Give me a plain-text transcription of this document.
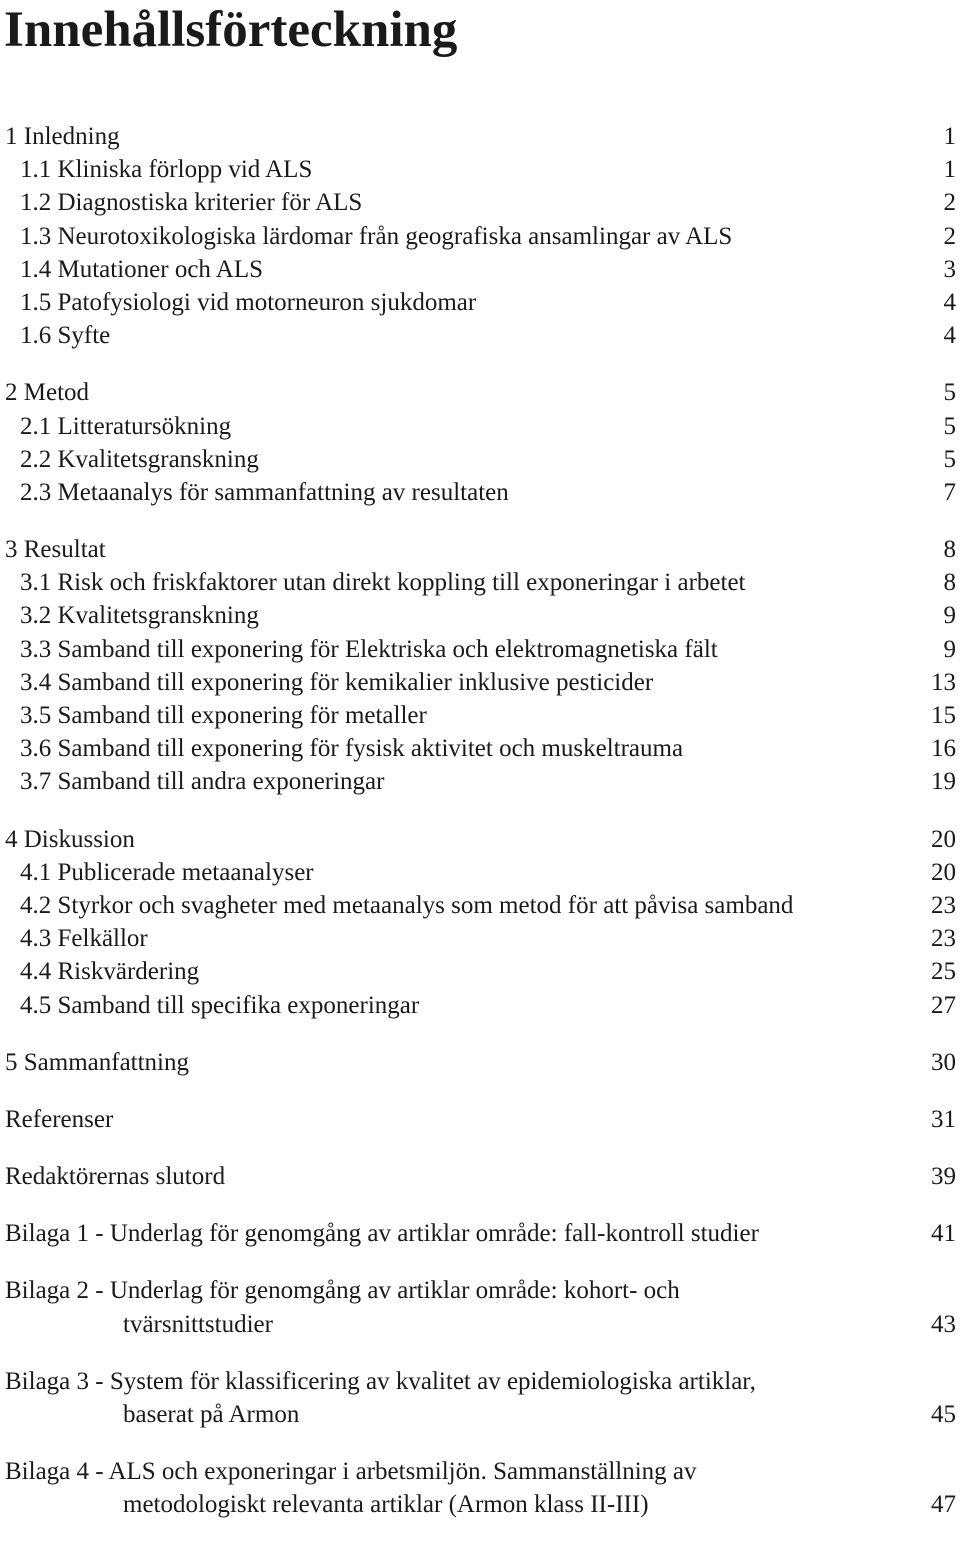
Innehållsförteckning
1 Inledning	1
1.1 Kliniska förlopp vid ALS	1
1.2 Diagnostiska kriterier för ALS	2
1.3 Neurotoxikologiska lärdomar från geografiska ansamlingar av ALS	2
1.4 Mutationer och ALS	3
1.5 Patofysiologi vid motorneuron sjukdomar	4
1.6 Syfte	4
2 Metod	5
2.1 Litteratursökning	5
2.2 Kvalitetsgranskning	5
2.3 Metaanalys för sammanfattning av resultaten	7
3 Resultat	8
3.1 Risk och friskfaktorer utan direkt koppling till exponeringar i arbetet	8
3.2 Kvalitetsgranskning	9
3.3 Samband till exponering för Elektriska och elektromagnetiska fält	9
3.4 Samband till exponering för kemikalier inklusive pesticider	13
3.5 Samband till exponering för metaller	15
3.6 Samband till exponering för fysisk aktivitet och muskeltrauma	16
3.7 Samband till andra exponeringar	19
4 Diskussion	20
4.1 Publicerade metaanalyser	20
4.2 Styrkor och svagheter med metaanalys som metod för att påvisa samband	23
4.3 Felkällor	23
4.4 Riskvärdering	25
4.5 Samband till specifika exponeringar	27
5 Sammanfattning	30
Referenser	31
Redaktörernas slutord	39
Bilaga 1 - Underlag för genomgång av artiklar område: fall-kontroll studier	41
Bilaga 2 - Underlag för genomgång av artiklar område: kohort- och
tvärsnittstudier	43
Bilaga 3 - System för klassificering av kvalitet av epidemiologiska artiklar,
baserat på Armon	45
Bilaga 4 - ALS och exponeringar i arbetsmiljön. Sammanställning av
metodologiskt relevanta artiklar (Armon klass II-III)	47
